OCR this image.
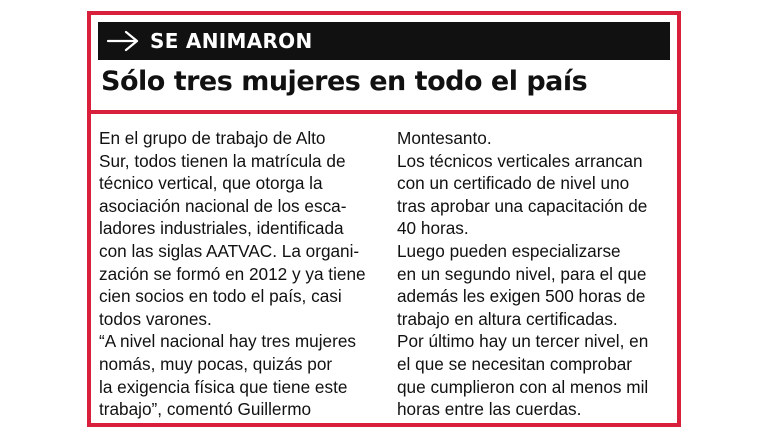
SE ANIMARON
Sólo tres mujeres en todo el país

En el grupo de trabajo de Alto
Sur, todos tienen la matrícula de
técnico vertical, que otorga la
asociación nacional de los esca-
ladores industriales, identificada
con las siglas AATVAC. La organi-
zación se formó en 2012 y ya tiene
cien socios en todo el país, casi
todos varones.
“A nivel nacional hay tres mujeres
nomás, muy pocas, quizás por
la exigencia física que tiene este
trabajo”, comentó Guillermo

Montesanto.
Los técnicos verticales arrancan
con un certificado de nivel uno
tras aprobar una capacitación de
40 horas.
Luego pueden especializarse
en un segundo nivel, para el que
además les exigen 500 horas de
trabajo en altura certificadas.
Por último hay un tercer nivel, en
el que se necesitan comprobar
que cumplieron con al menos mil
horas entre las cuerdas.
